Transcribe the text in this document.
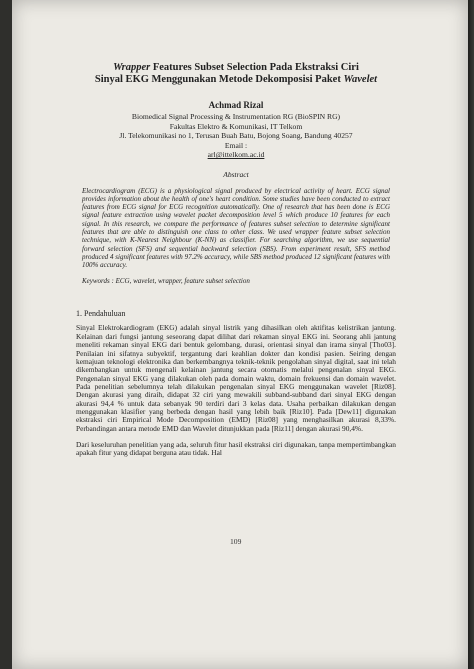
Wrapper Features Subset Selection Pada Ekstraksi Ciri
Sinyal EKG Menggunakan Metode Dekomposisi Paket Wavelet

Achmad Rizal
Biomedical Signal Processing & Instrumentation RG (BioSPIN RG)
Fakultas Elektro & Komunikasi, IT Telkom
Jl. Telekomunikasi no 1, Terusan Buah Batu, Bojong Soang, Bandung 40257
Email :
arl@ittelkom.ac.id
Abstract
Electrocardiogram (ECG) is a physiological signal produced by electrical activity of heart. ECG signal provides information about the health of one's heart condition. Some studies have been conducted to extract features from ECG signal for ECG recognition automatically. One of research that has been done is ECG signal feature extraction using wavelet packet decomposition level 5 which produce 10 features for each signal. In this research, we compare the performance of features subset selection to determine significant features that are able to distinguish one class to other class. We used wrapper feature subset selection technique, with K-Nearest Neighbour (K-NN) as classifier. For searching algorithm, we use sequential forward selection (SFS) and sequential backward selection (SBS). From experiment result, SFS method produced 4 significant features with 97.2% accuracy, while SBS method produced 12 significant features with 100% accuracy.
Keywords : ECG, wavelet, wrapper, feature subset selection
1. Pendahuluan
Sinyal Elektrokardiogram (EKG) adalah sinyal listrik yang dihasilkan oleh aktifitas kelistrikan jantung. Kelainan dari fungsi jantung seseorang dapat dilihat dari rekaman sinyal EKG ini. Seorang ahli jantung meneliti rekaman sinyal EKG dari bentuk gelombang, durasi, orientasi sinyal dan irama sinyal [Tho03]. Penilaian ini sifatnya subyektif, tergantung dari keahlian dokter dan kondisi pasien. Seiring dengan kemajuan teknologi elektronika dan berkembangnya teknik-teknik pengolahan sinyal digital, saat ini telah dikembangkan untuk mengenali kelainan jantung secara otomatis melalui pengenalan sinyal EKG. Pengenalan sinyal EKG yang dilakukan oleh pada domain waktu, domain frekuensi dan domain wavelet. Pada penelitian sebelumnya telah dilakukan pengenalan sinyal EKG menggunakan wavelet [Riz08]. Dengan akurasi yang diraih, didapat 32 ciri yang mewakili subband-subband dari sinyal EKG dengan akurasi 94,4 % untuk data sebanyak 90 terdiri dari 3 kelas data. Usaha perbaikan dilakukan dengan menggunakan klasifier yang berbeda dengan hasil yang lebih baik [Riz10]. Pada [Dew11] digunakan ekstraksi ciri Empirical Mode Decomposition (EMD) [Riz08] yang menghasilkan akurasi 8,33%. Perbandingan antara metode EMD dan Wavelet ditunjukkan pada [Riz11] dengan akurasi 90,4%.
Dari keseluruhan penelitian yang ada, seluruh fitur hasil ekstraksi ciri digunakan, tanpa mempertimbangkan apakah fitur yang didapat berguna atau tidak. Hal
109
